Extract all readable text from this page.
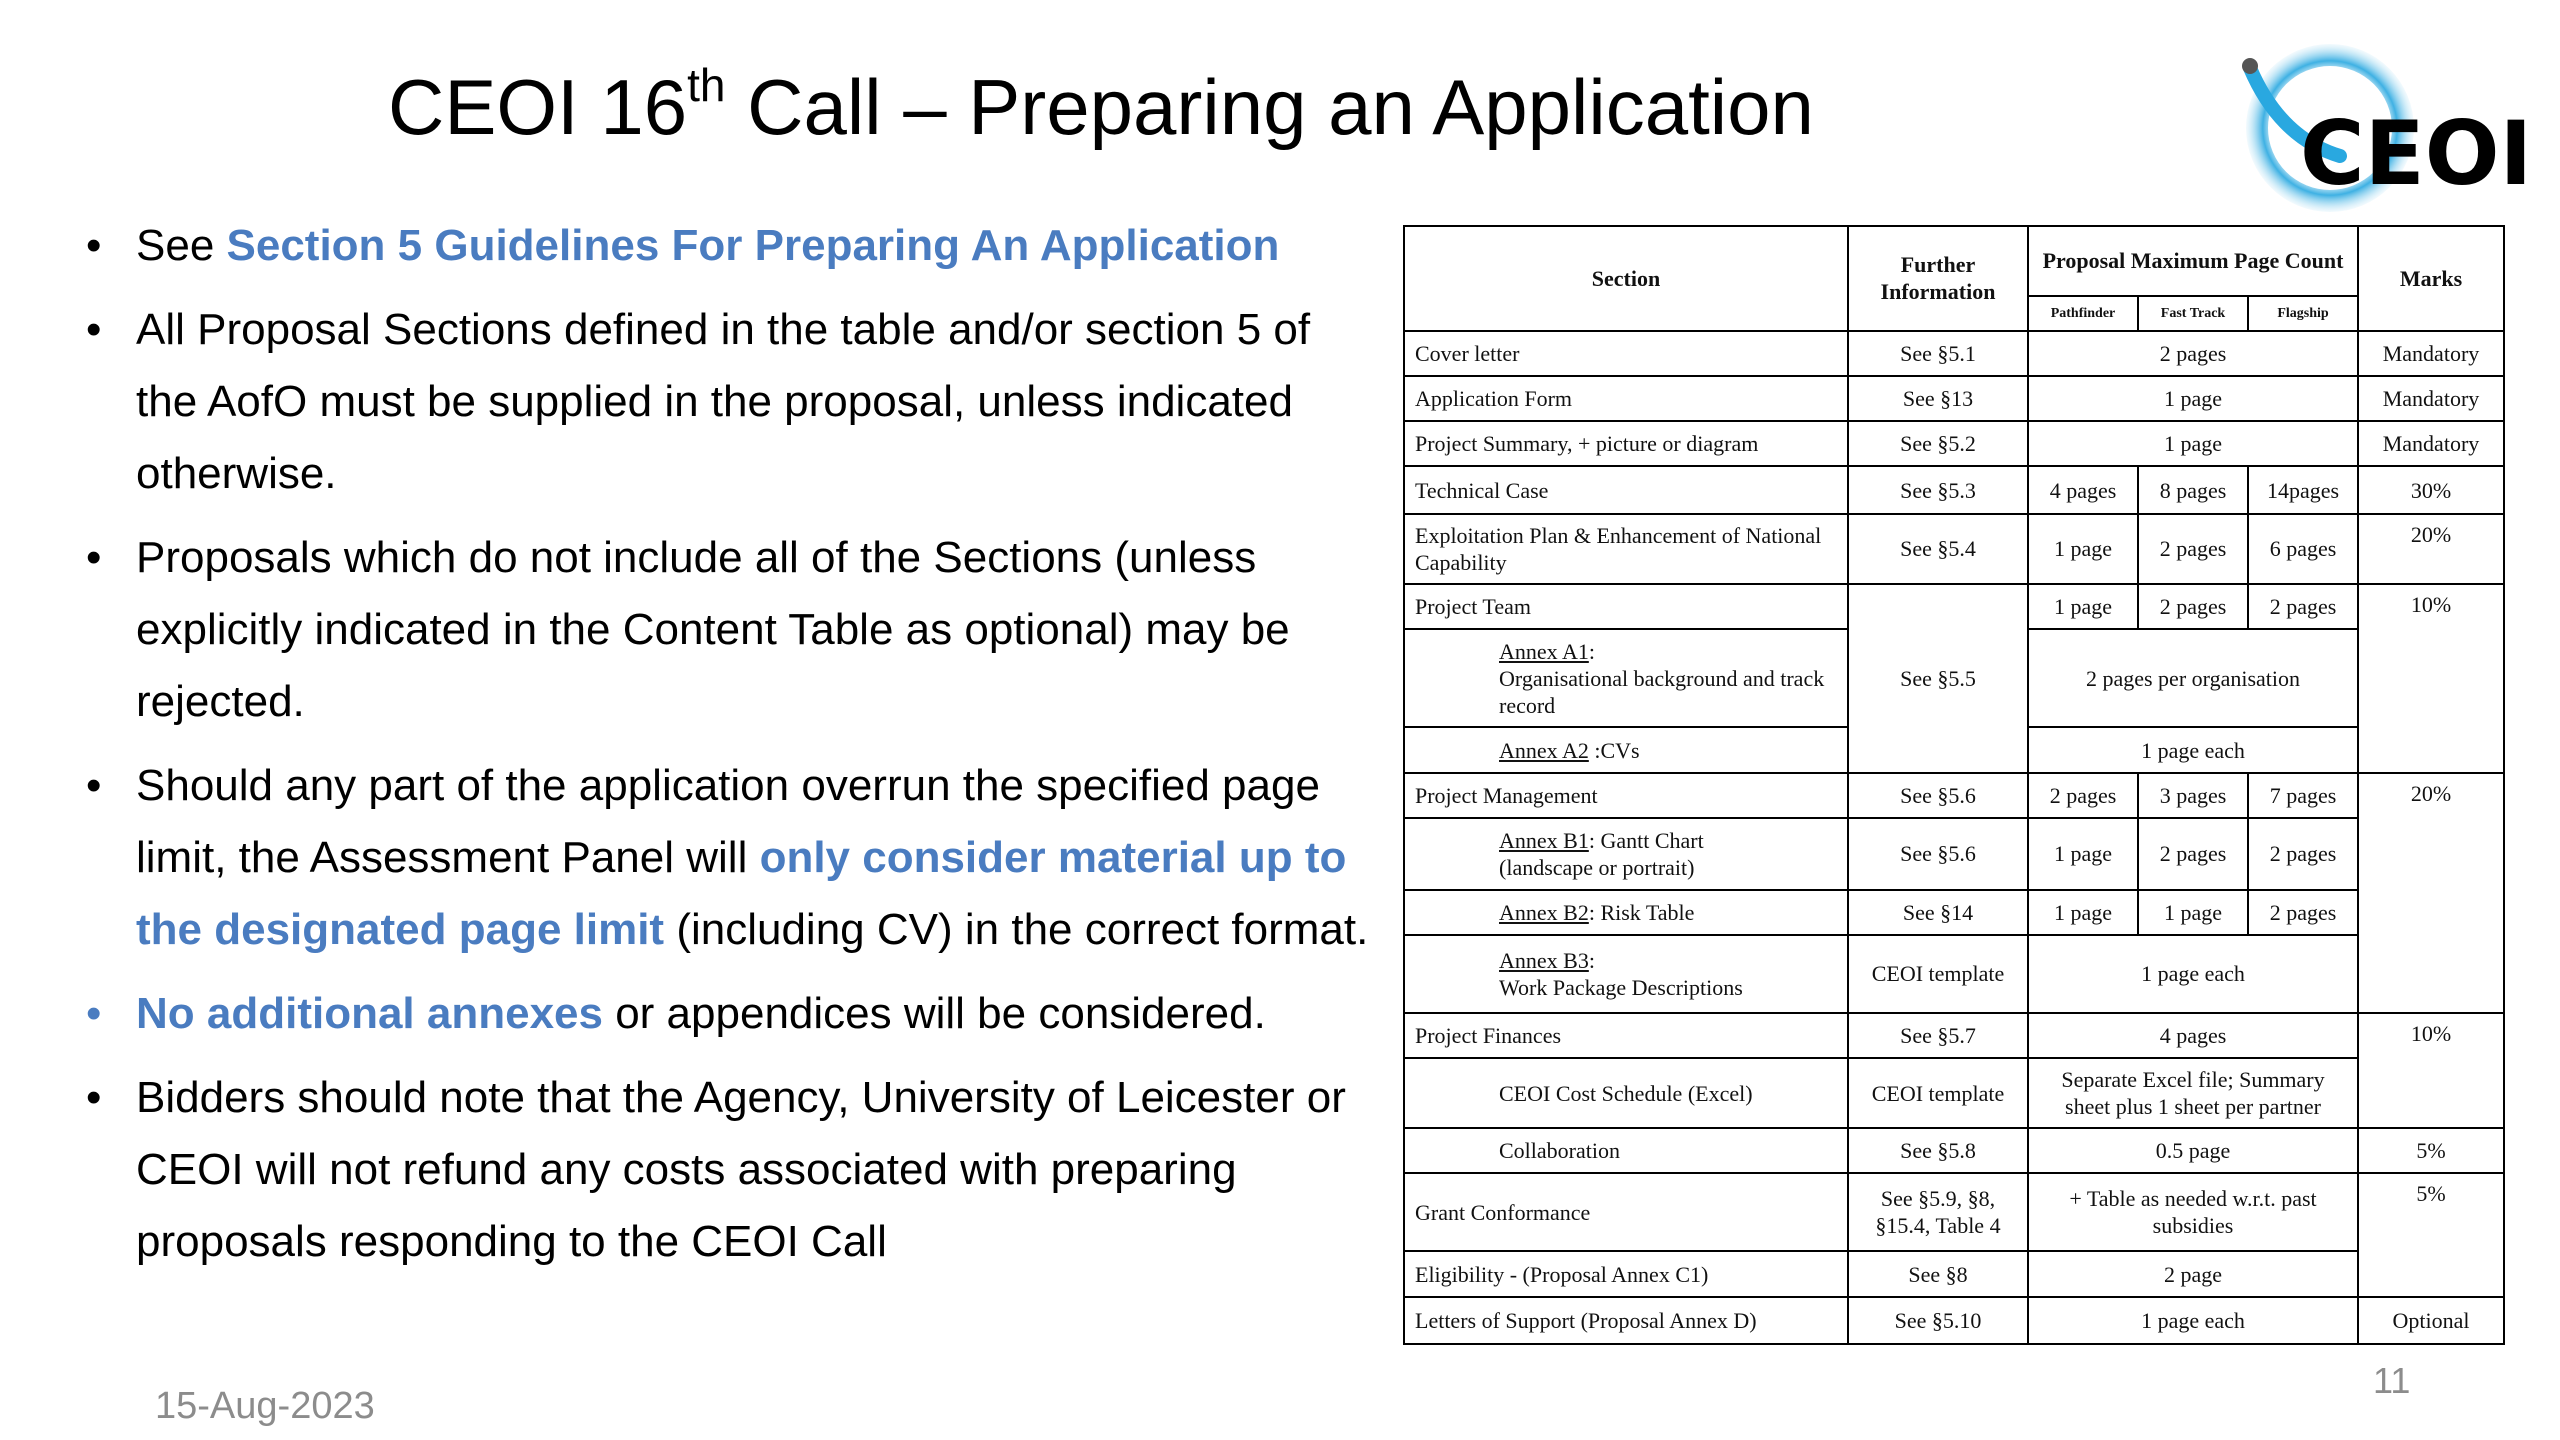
CEOI 16th Call – Preparing an Application	CEOI
• See Section 5 Guidelines For Preparing An Application
• All Proposal Sections defined in the table and/or section 5 of the AofO must be supplied in the proposal, unless indicated otherwise.
• Proposals which do not include all of the Sections (unless explicitly indicated in the Content Table as optional) may be rejected.
• Should any part of the application overrun the specified page limit, the Assessment Panel will only consider material up to the designated page limit (including CV) in the correct format.
• No additional annexes or appendices will be considered.
• Bidders should note that the Agency, University of Leicester or CEOI will not refund any costs associated with preparing proposals responding to the CEOI Call
Section	Further Information	Proposal Maximum Page Count			Marks
		Pathfinder	Fast Track	Flagship	
Cover letter	See §5.1	2 pages			Mandatory
Application Form	See §13	1 page			Mandatory
Project Summary, + picture or diagram	See §5.2	1 page			Mandatory
Technical Case	See §5.3	4 pages	8 pages	14pages	30%
Exploitation Plan & Enhancement of National Capability	See §5.4	1 page	2 pages	6 pages	20%
Project Team	See §5.5	1 page	2 pages	2 pages	10%
Annex A1:
Organisational background and track record		2 pages per organisation			
Annex A2 :CVs		1 page each			
Project Management	See §5.6	2 pages	3 pages	7 pages	20%
Annex B1: Gantt Chart
(landscape or portrait)	See §5.6	1 page	2 pages	2 pages	
Annex B2: Risk Table	See §14	1 page	1 page	2 pages	
Annex B3:
Work Package Descriptions	CEOI template	1 page each			
Project Finances	See §5.7	4 pages			10%
CEOI Cost Schedule (Excel)	CEOI template	Separate Excel file; Summary sheet plus 1 sheet per partner			
Collaboration	See §5.8	0.5 page			5%
Grant Conformance	See §5.9, §8, §15.4, Table 4	+ Table as needed w.r.t. past subsidies			5%
Eligibility - (Proposal Annex C1)	See §8	2 page			
Letters of Support (Proposal Annex D)	See §5.10	1 page each			Optional
15-Aug-2023
11
